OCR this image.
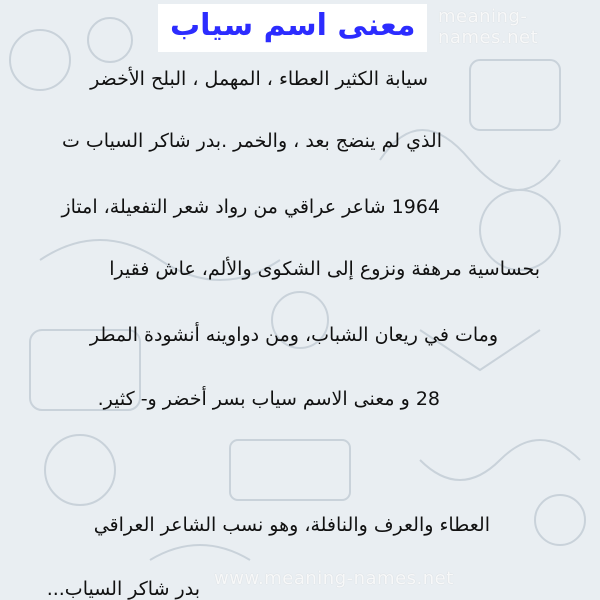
meaning-names.net
معنى اسم سياب
سيابة الكثير العطاء ، المهمل ، البلح الأخضر
الذي لم ينضج بعد ، والخمر .بدر شاكر السياب ت
1964 شاعر عراقي من رواد شعر التفعيلة، امتاز
بحساسية مرهفة ونزوع إلى الشكوى والألم، عاش فقيرا
ومات في ريعان الشباب، ومن دواوينه أنشودة المطر
28 و معنى الاسم سياب بسر أخضر و- كثير.
العطاء والعرف والنافلة، وهو نسب الشاعر العراقي
بدر شاكر السياب... www.meaning-names.net
